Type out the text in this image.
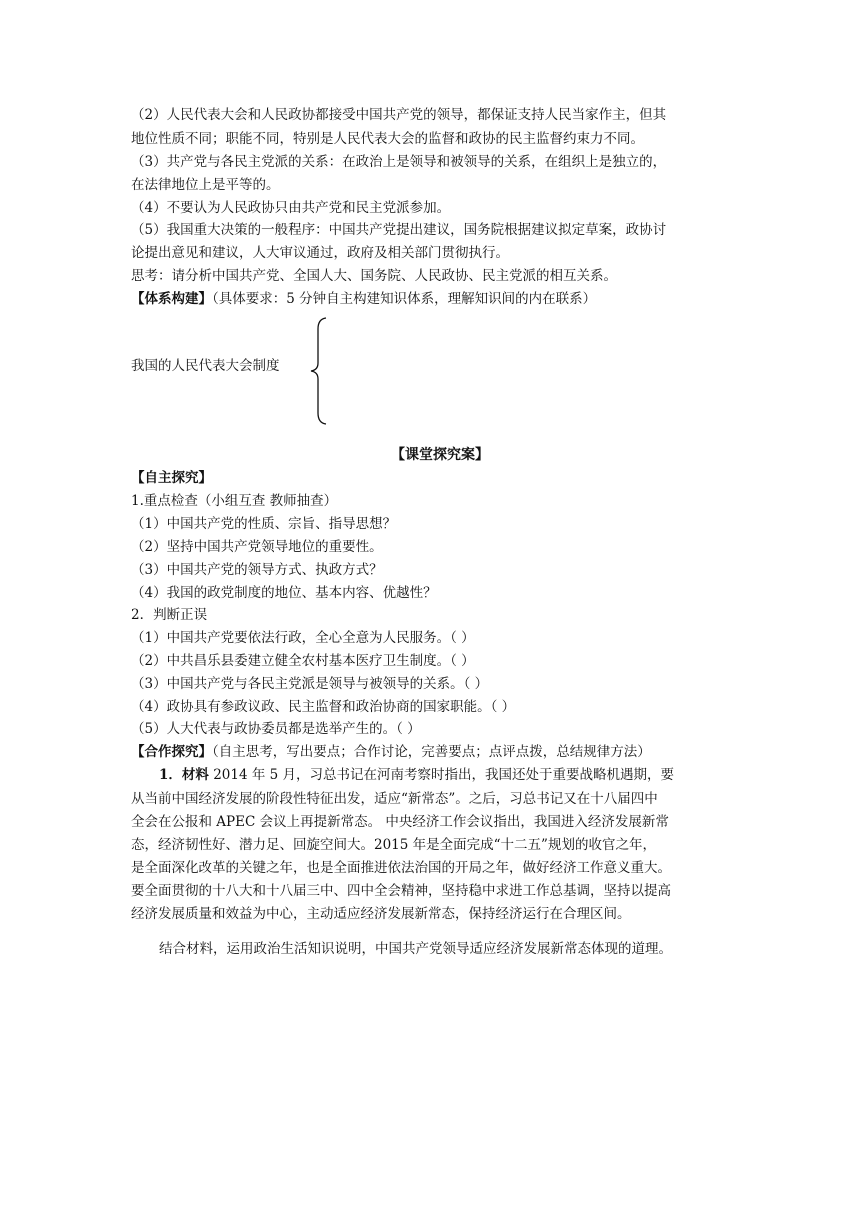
（2）人民代表大会和人民政协都接受中国共产党的领导，都保证支持人民当家作主，但其
地位性质不同；职能不同，特别是人民代表大会的监督和政协的民主监督约束力不同。
（3）共产党与各民主党派的关系：在政治上是领导和被领导的关系，在组织上是独立的，
在法律地位上是平等的。
（4）不要认为人民政协只由共产党和民主党派参加。
（5）我国重大决策的一般程序：中国共产党提出建议，国务院根据建议拟定草案，政协讨
论提出意见和建议，人大审议通过，政府及相关部门贯彻执行。
思考：请分析中国共产党、全国人大、国务院、人民政协、民主党派的相互关系。
【体系构建】（具体要求：5 分钟自主构建知识体系，理解知识间的内在联系）
我国的人民代表大会制度
【课堂探究案】
【自主探究】
1.重点检查（小组互查 教师抽查）
（1）中国共产党的性质、宗旨、指导思想？
（2）坚持中国共产党领导地位的重要性。
（3）中国共产党的领导方式、执政方式？
（4）我国的政党制度的地位、基本内容、优越性？
2．判断正误
（1）中国共产党要依法行政，全心全意为人民服务。（ ）
（2）中共昌乐县委建立健全农村基本医疗卫生制度。（ ）
（3）中国共产党与各民主党派是领导与被领导的关系。（ ）
（4）政协具有参政议政、民主监督和政治协商的国家职能。（ ）
（5）人大代表与政协委员都是选举产生的。（ ）
【合作探究】（自主思考，写出要点；合作讨论，完善要点；点评点拨，总结规律方法）
1．材料 2014 年 5 月，习总书记在河南考察时指出，我国还处于重要战略机遇期，要
从当前中国经济发展的阶段性特征出发，适应“新常态”。之后，习总书记又在十八届四中
全会在公报和 APEC 会议上再提新常态。 中央经济工作会议指出，我国进入经济发展新常
态，经济韧性好、潜力足、回旋空间大。2015 年是全面完成“十二五”规划的收官之年，
是全面深化改革的关键之年，也是全面推进依法治国的开局之年，做好经济工作意义重大。
要全面贯彻的十八大和十八届三中、四中全会精神，坚持稳中求进工作总基调，坚持以提高
经济发展质量和效益为中心，主动适应经济发展新常态，保持经济运行在合理区间。
结合材料，运用政治生活知识说明，中国共产党领导适应经济发展新常态体现的道理。
